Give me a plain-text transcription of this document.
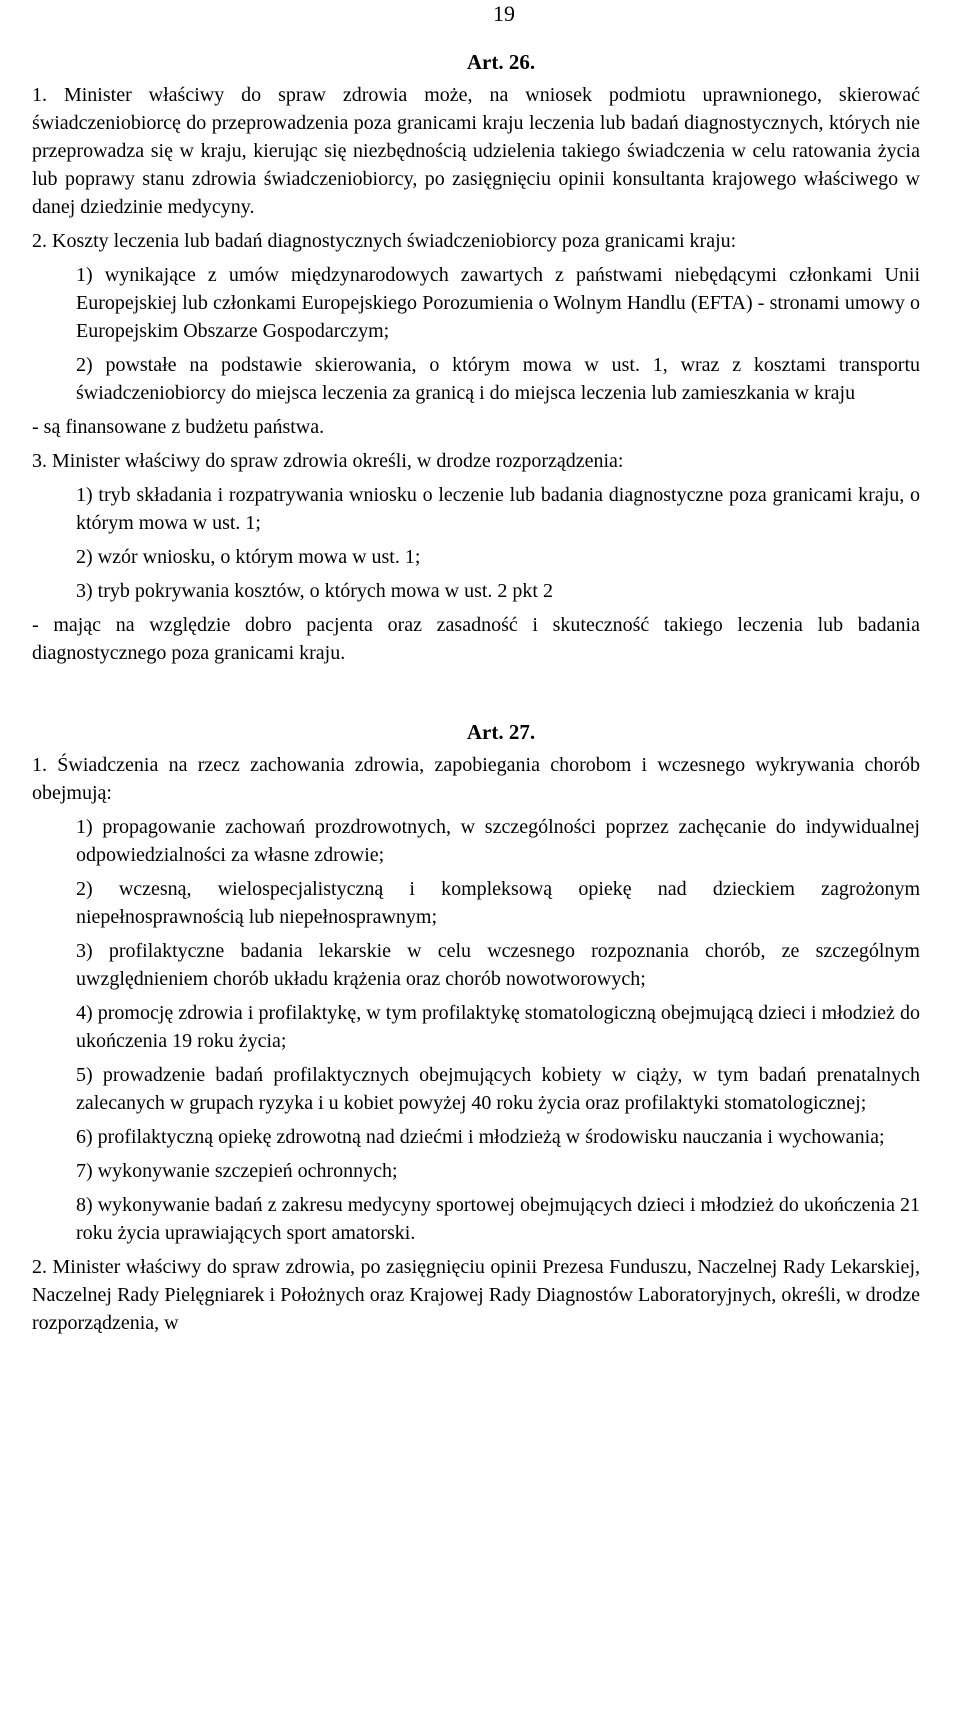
19
Art. 26.

1. Minister właściwy do spraw zdrowia może, na wniosek podmiotu uprawnionego, skierować świadczeniobiorcę do przeprowadzenia poza granicami kraju leczenia lub badań diagnostycznych, których nie przeprowadza się w kraju, kierując się niezbędnością udzielenia takiego świadczenia w celu ratowania życia lub poprawy stanu zdrowia świadczeniobiorcy, po zasięgnięciu opinii konsultanta krajowego właściwego w danej dziedzinie medycyny.

2. Koszty leczenia lub badań diagnostycznych świadczeniobiorcy poza granicami kraju:

1) wynikające z umów międzynarodowych zawartych z państwami niebędącymi członkami Unii Europejskiej lub członkami Europejskiego Porozumienia o Wolnym Handlu (EFTA) - stronami umowy o Europejskim Obszarze Gospodarczym;

2) powstałe na podstawie skierowania, o którym mowa w ust. 1, wraz z kosztami transportu świadczeniobiorcy do miejsca leczenia za granicą i do miejsca leczenia lub zamieszkania w kraju

- są finansowane z budżetu państwa.

3. Minister właściwy do spraw zdrowia określi, w drodze rozporządzenia:

1) tryb składania i rozpatrywania wniosku o leczenie lub badania diagnostyczne poza granicami kraju, o którym mowa w ust. 1;

2) wzór wniosku, o którym mowa w ust. 1;

3) tryb pokrywania kosztów, o których mowa w ust. 2 pkt 2

- mając na względzie dobro pacjenta oraz zasadność i skuteczność takiego leczenia lub badania diagnostycznego poza granicami kraju.

Art. 27.

1. Świadczenia na rzecz zachowania zdrowia, zapobiegania chorobom i wczesnego wykrywania chorób obejmują:

1) propagowanie zachowań prozdrowotnych, w szczególności poprzez zachęcanie do indywidualnej odpowiedzialności za własne zdrowie;

2) wczesną, wielospecjalistyczną i kompleksową opiekę nad dzieckiem zagrożonym niepełnosprawnością lub niepełnosprawnym;

3) profilaktyczne badania lekarskie w celu wczesnego rozpoznania chorób, ze szczególnym uwzględnieniem chorób układu krążenia oraz chorób nowotworowych;

4) promocję zdrowia i profilaktykę, w tym profilaktykę stomatologiczną obejmującą dzieci i młodzież do ukończenia 19 roku życia;

5) prowadzenie badań profilaktycznych obejmujących kobiety w ciąży, w tym badań prenatalnych zalecanych w grupach ryzyka i u kobiet powyżej 40 roku życia oraz profilaktyki stomatologicznej;

6) profilaktyczną opiekę zdrowotną nad dziećmi i młodzieżą w środowisku nauczania i wychowania;

7) wykonywanie szczepień ochronnych;

8) wykonywanie badań z zakresu medycyny sportowej obejmujących dzieci i młodzież do ukończenia 21 roku życia uprawiających sport amatorski.

2. Minister właściwy do spraw zdrowia, po zasięgnięciu opinii Prezesa Funduszu, Naczelnej Rady Lekarskiej, Naczelnej Rady Pielęgniarek i Położnych oraz Krajowej Rady Diagnostów Laboratoryjnych, określi, w drodze rozporządzenia, w
